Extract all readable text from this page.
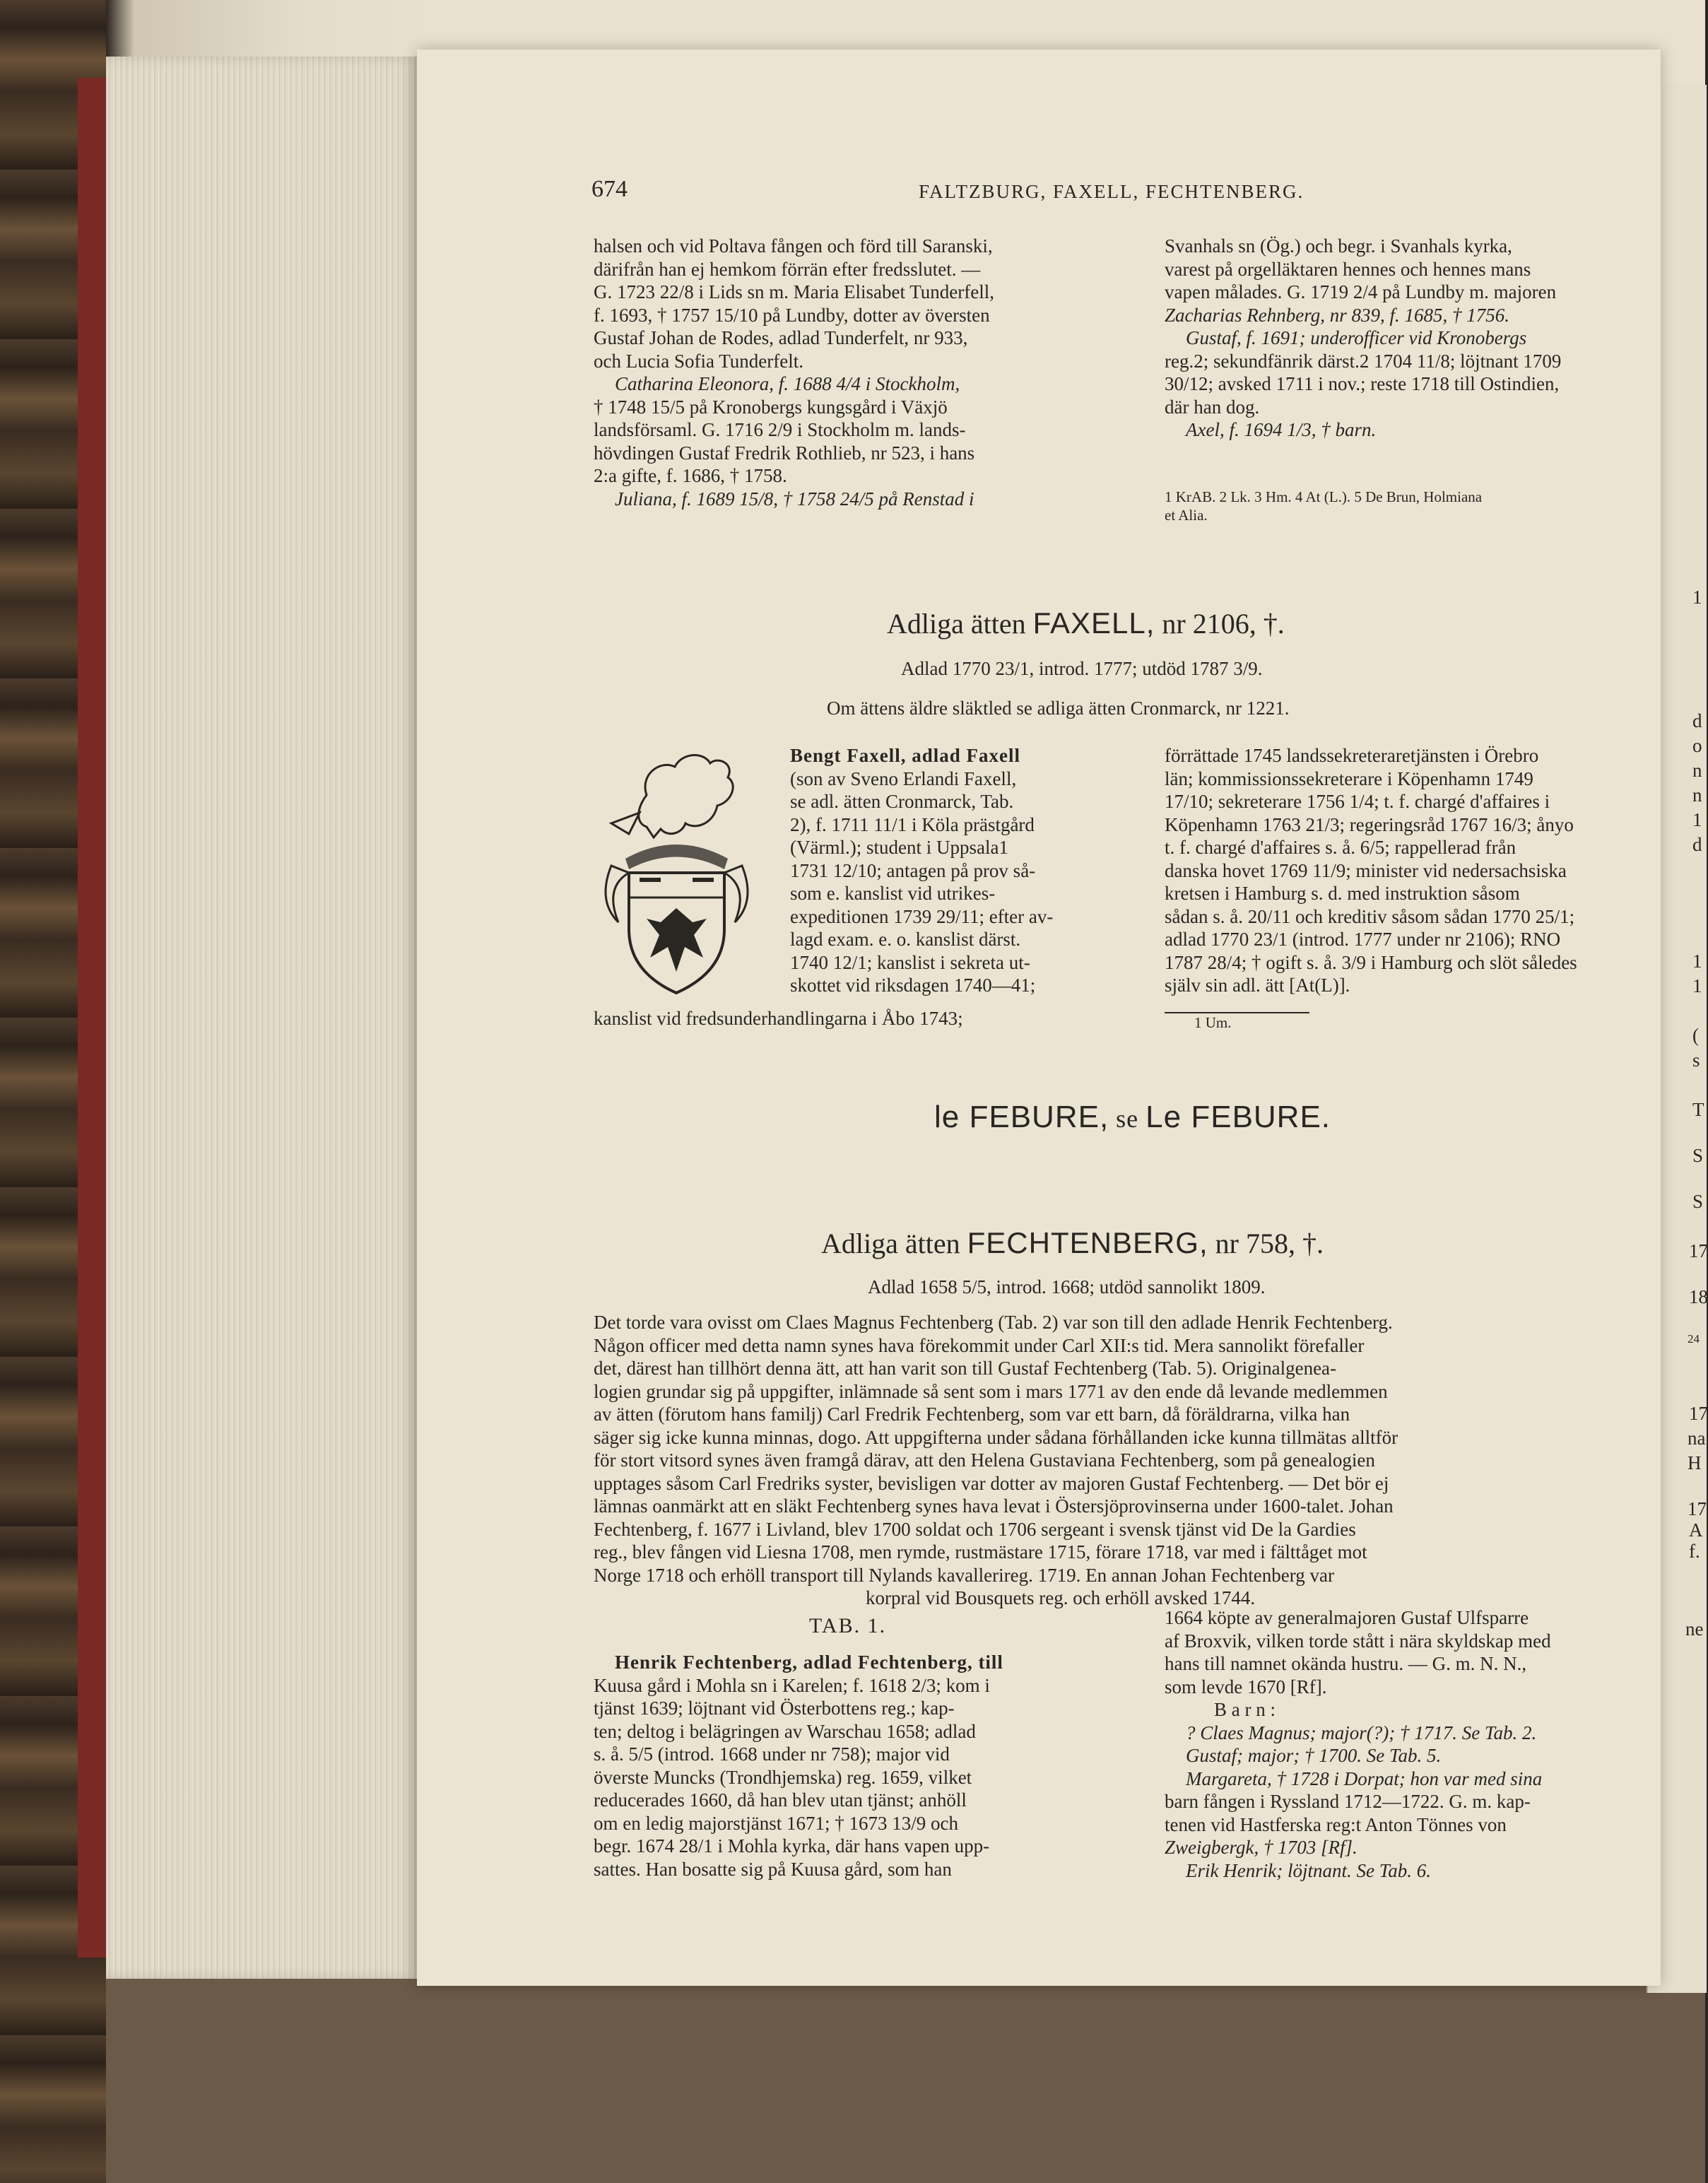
674	FALTZBURG, FAXELL, FECHTENBERG.

halsen och vid Poltava fången och förd till Saranski,
därifrån han ej hemkom förrän efter fredsslutet. —
G. 1723 22/8 i Lids sn m. Maria Elisabet Tunderfell,
f. 1693, † 1757 15/10 på Lundby, dotter av översten
Gustaf Johan de Rodes, adlad Tunderfelt, nr 933,
och Lucia Sofia Tunderfelt.
Catharina Eleonora, f. 1688 4/4 i Stockholm,
† 1748 15/5 på Kronobergs kungsgård i Växjö
landsförsaml. G. 1716 2/9 i Stockholm m. lands-
hövdingen Gustaf Fredrik Rothlieb, nr 523, i hans
2:a gifte, f. 1686, † 1758.
Juliana, f. 1689 15/8, † 1758 24/5 på Renstad i
Svanhals sn (Ög.) och begr. i Svanhals kyrka,
varest på orgelläktaren hennes och hennes mans
vapen målades. G. 1719 2/4 på Lundby m. majoren
Zacharias Rehnberg, nr 839, f. 1685, † 1756.
Gustaf, f. 1691; underofficer vid Kronobergs
reg.2; sekundfänrik därst.2 1704 11/8; löjtnant 1709
30/12; avsked 1711 i nov.; reste 1718 till Ostindien,
där han dog.
Axel, f. 1694 1/3, † barn.
1 KrAB. 2 Lk. 3 Hm. 4 At (L.). 5 De Brun, Holmiana
et Alia.

Adliga ätten FAXELL, nr 2106, †.

Adlad 1770 23/1, introd. 1777; utdöd 1787 3/9.

Om ättens äldre släktled se adliga ätten Cronmarck, nr 1221.

Bengt Faxell, adlad Faxell
(son av Sveno Erlandi Faxell,
se adl. ätten Cronmarck, Tab.
2), f. 1711 11/1 i Köla prästgård
(Värml.); student i Uppsala1
1731 12/10; antagen på prov så-
som e. kanslist vid utrikes-
expeditionen 1739 29/11; efter av-
lagd exam. e. o. kanslist därst.
1740 12/1; kanslist i sekreta ut-
skottet vid riksdagen 1740—41;

kanslist vid fredsunderhandlingarna i Åbo 1743;

förrättade 1745 landssekreteraretjänsten i Örebro
län; kommissionssekreterare i Köpenhamn 1749
17/10; sekreterare 1756 1/4; t. f. chargé d'affaires i
Köpenhamn 1763 21/3; regeringsråd 1767 16/3; ånyo
t. f. chargé d'affaires s. å. 6/5; rappellerad från
danska hovet 1769 11/9; minister vid nedersachsiska
kretsen i Hamburg s. d. med instruktion såsom
sådan s. å. 20/11 och kreditiv såsom sådan 1770 25/1;
adlad 1770 23/1 (introd. 1777 under nr 2106); RNO
1787 28/4; † ogift s. å. 3/9 i Hamburg och slöt således
själv sin adl. ätt [At(L)].

1 Um.

le FEBURE, se Le FEBURE.

Adliga ätten FECHTENBERG, nr 758, †.

Adlad 1658 5/5, introd. 1668; utdöd sannolikt 1809.

Det torde vara ovisst om Claes Magnus Fechtenberg (Tab. 2) var son till den adlade Henrik Fechtenberg.
Någon officer med detta namn synes hava förekommit under Carl XII:s tid. Mera sannolikt förefaller
det, därest han tillhört denna ätt, att han varit son till Gustaf Fechtenberg (Tab. 5). Originalgenea-
logien grundar sig på uppgifter, inlämnade så sent som i mars 1771 av den ende då levande medlemmen
av ätten (förutom hans familj) Carl Fredrik Fechtenberg, som var ett barn, då föräldrarna, vilka han
säger sig icke kunna minnas, dogo. Att uppgifterna under sådana förhållanden icke kunna tillmätas alltför
för stort vitsord synes även framgå därav, att den Helena Gustaviana Fechtenberg, som på genealogien
upptages såsom Carl Fredriks syster, bevisligen var dotter av majoren Gustaf Fechtenberg. — Det bör ej
lämnas oanmärkt att en släkt Fechtenberg synes hava levat i Östersjöprovinserna under 1600-talet. Johan
Fechtenberg, f. 1677 i Livland, blev 1700 soldat och 1706 sergeant i svensk tjänst vid De la Gardies
reg., blev fången vid Liesna 1708, men rymde, rustmästare 1715, förare 1718, var med i fälttåget mot
Norge 1718 och erhöll transport till Nylands kavallerireg. 1719. En annan Johan Fechtenberg var

korpral vid Bousquets reg. och erhöll avsked 1744.

TAB. 1.

Henrik Fechtenberg, adlad Fechtenberg, till
Kuusa gård i Mohla sn i Karelen; f. 1618 2/3; kom i
tjänst 1639; löjtnant vid Österbottens reg.; kap-
ten; deltog i belägringen av Warschau 1658; adlad
s. å. 5/5 (introd. 1668 under nr 758); major vid
överste Muncks (Trondhjemska) reg. 1659, vilket
reducerades 1660, då han blev utan tjänst; anhöll
om en ledig majorstjänst 1671; † 1673 13/9 och
begr. 1674 28/1 i Mohla kyrka, där hans vapen upp-
sattes. Han bosatte sig på Kuusa gård, som han
1664 köpte av generalmajoren Gustaf Ulfsparre
af Broxvik, vilken torde stått i nära skyldskap med
hans till namnet okända hustru. — G. m. N. N.,
som levde 1670 [Rf].
B a r n :
? Claes Magnus; major(?); † 1717. Se Tab. 2.
Gustaf; major; † 1700. Se Tab. 5.
Margareta, † 1728 i Dorpat; hon var med sina
barn fången i Ryssland 1712—1722. G. m. kap-
tenen vid Hastferska reg:t Anton Tönnes von
Zweigbergk, † 1703 [Rf].
Erik Henrik; löjtnant. Se Tab. 6.
1
d
o
n
n
1
d
1
1
(
s
T
S
S
17
18
24
17
na
H
17
A
f.
ne
